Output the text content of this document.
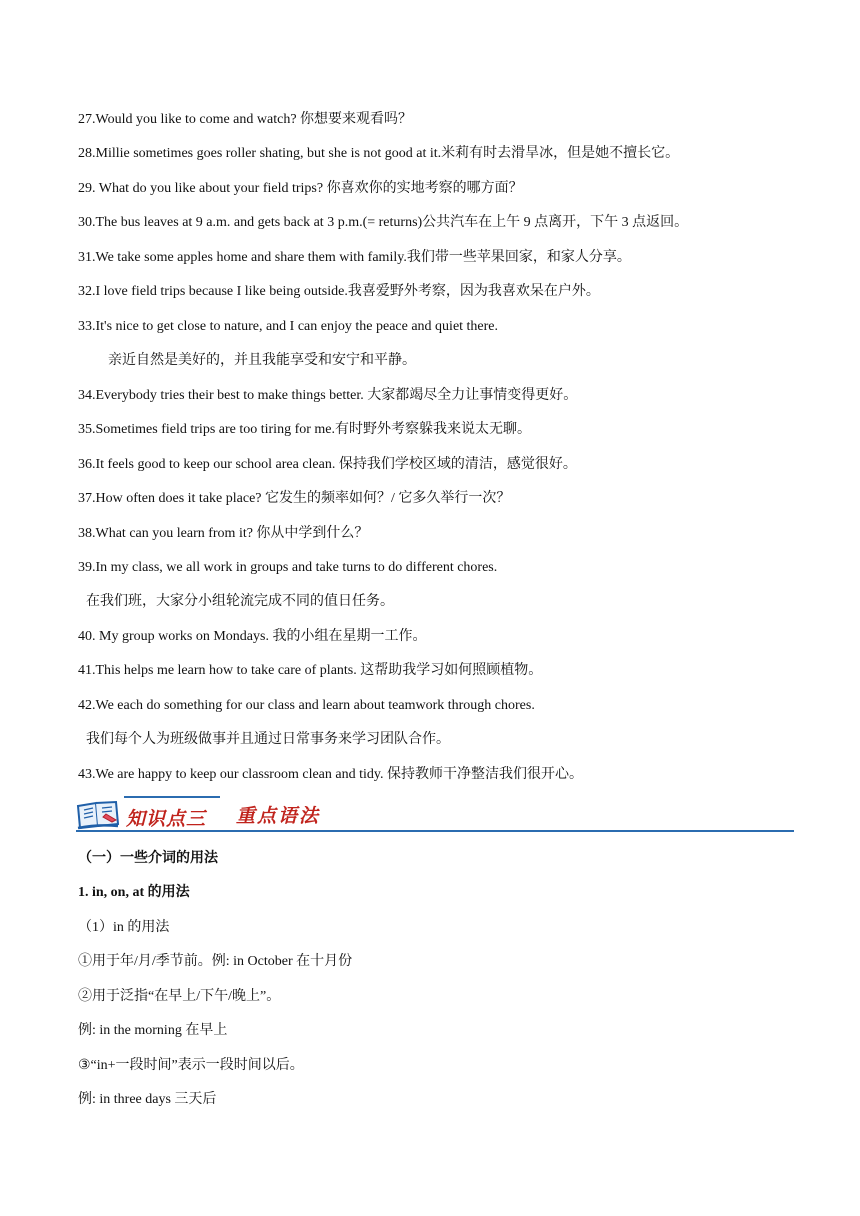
27.Would you like to come and watch? 你想要来观看吗？
28.Millie sometimes goes roller shating, but she is not good at it.米莉有时去滑旱冰，但是她不擅长它。
29. What do you like about your field trips? 你喜欢你的实地考察的哪方面？
30.The bus leaves at 9 a.m. and gets back at 3 p.m.(= returns)公共汽车在上午 9 点离开，下午 3 点返回。
31.We take some apples home and share them with family.我们带一些苹果回家，和家人分享。
32.I love field trips because I like being outside.我喜爱野外考察，因为我喜欢呆在户外。
33.It's nice to get close to nature, and I can enjoy the peace and quiet there.
亲近自然是美好的，并且我能享受和安宁和平静。
34.Everybody tries their best to make things better. 大家都竭尽全力让事情变得更好。
35.Sometimes field trips are too tiring for me.有时野外考察躲我来说太无聊。
36.It feels good to keep our school area clean. 保持我们学校区域的清洁，感觉很好。
37.How often does it take place? 它发生的频率如何？/ 它多久举行一次？
38.What can you learn from it? 你从中学到什么？
39.In my class, we all work in groups and take turns to do different chores.
在我们班，大家分小组轮流完成不同的值日任务。
40. My group works on Mondays. 我的小组在星期一工作。
41.This helps me learn how to take care of plants. 这帮助我学习如何照顾植物。
42.We each do something for our class and learn about teamwork through chores.
我们每个人为班级做事并且通过日常事务来学习团队合作。
43.We are happy to keep our classroom clean and tidy. 保持教师干净整洁我们很开心。
知识点三 重点语法
（一）一些介词的用法
1. in, on, at 的用法
（1）in 的用法
①用于年/月/季节前。例: in October 在十月份
②用于泛指“在早上/下午/晚上”。
例: in the morning 在早上
③“in+一段时间”表示一段时间以后。
例: in three days 三天后
